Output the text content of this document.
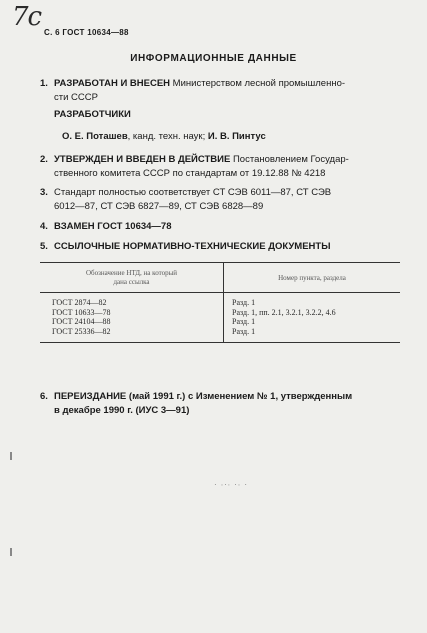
7с
С. 6 ГОСТ 10634—88
ИНФОРМАЦИОННЫЕ ДАННЫЕ
1. РАЗРАБОТАН И ВНЕСЕН Министерством лесной промышленно-
сти СССР
РАЗРАБОТЧИКИ
О. Е. Поташев, канд. техн. наук; И. В. Пинтус
2. УТВЕРЖДЕН И ВВЕДЕН В ДЕЙСТВИЕ Постановлением Государ-
ственного комитета СССР по стандартам от 19.12.88 № 4218
3. Стандарт полностью соответствует СТ СЭВ 6011—87, СТ СЭВ
6012—87, СТ СЭВ 6827—89, СТ СЭВ 6828—89
4. ВЗАМЕН ГОСТ 10634—78
5. ССЫЛОЧНЫЕ НОРМАТИВНО-ТЕХНИЧЕСКИЕ ДОКУМЕНТЫ
Обозначение НТД, на который
дана ссылка	Номер пункта, раздела
ГОСТ 2874—82	Разд. 1
ГОСТ 10633—78	Разд. 1, пп. 2.1, 3.2.1, 3.2.2, 4.6
ГОСТ 24104—88	Разд. 1
ГОСТ 25336—82	Разд. 1
6. ПЕРЕИЗДАНИЕ (май 1991 г.) с Изменением № 1, утвержденным
в декабре 1990 г. (ИУС 3—91)
· ∙·∙ ·∙ ·
